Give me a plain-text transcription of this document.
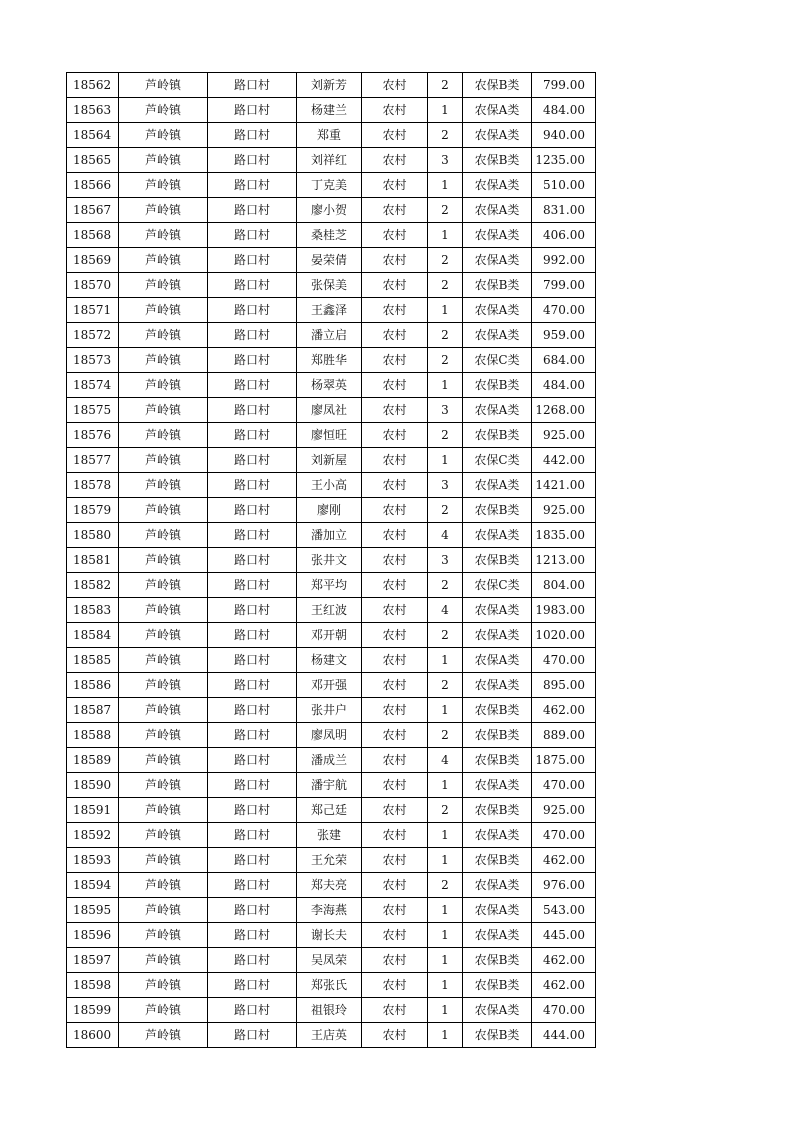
18562	芦岭镇	路口村	刘新芳	农村	2	农保B类	799.00
18563	芦岭镇	路口村	杨建兰	农村	1	农保A类	484.00
18564	芦岭镇	路口村	郑重	农村	2	农保A类	940.00
18565	芦岭镇	路口村	刘祥红	农村	3	农保B类	1235.00
18566	芦岭镇	路口村	丁克美	农村	1	农保A类	510.00
18567	芦岭镇	路口村	廖小贺	农村	2	农保A类	831.00
18568	芦岭镇	路口村	桑桂芝	农村	1	农保A类	406.00
18569	芦岭镇	路口村	晏荣倩	农村	2	农保A类	992.00
18570	芦岭镇	路口村	张保美	农村	2	农保B类	799.00
18571	芦岭镇	路口村	王鑫泽	农村	1	农保A类	470.00
18572	芦岭镇	路口村	潘立启	农村	2	农保A类	959.00
18573	芦岭镇	路口村	郑胜华	农村	2	农保C类	684.00
18574	芦岭镇	路口村	杨翠英	农村	1	农保B类	484.00
18575	芦岭镇	路口村	廖凤社	农村	3	农保A类	1268.00
18576	芦岭镇	路口村	廖恒旺	农村	2	农保B类	925.00
18577	芦岭镇	路口村	刘新屋	农村	1	农保C类	442.00
18578	芦岭镇	路口村	王小高	农村	3	农保A类	1421.00
18579	芦岭镇	路口村	廖刚	农村	2	农保B类	925.00
18580	芦岭镇	路口村	潘加立	农村	4	农保A类	1835.00
18581	芦岭镇	路口村	张井文	农村	3	农保B类	1213.00
18582	芦岭镇	路口村	郑平均	农村	2	农保C类	804.00
18583	芦岭镇	路口村	王红波	农村	4	农保A类	1983.00
18584	芦岭镇	路口村	邓开朝	农村	2	农保A类	1020.00
18585	芦岭镇	路口村	杨建文	农村	1	农保A类	470.00
18586	芦岭镇	路口村	邓开强	农村	2	农保A类	895.00
18587	芦岭镇	路口村	张井户	农村	1	农保B类	462.00
18588	芦岭镇	路口村	廖凤明	农村	2	农保B类	889.00
18589	芦岭镇	路口村	潘成兰	农村	4	农保B类	1875.00
18590	芦岭镇	路口村	潘宇航	农村	1	农保A类	470.00
18591	芦岭镇	路口村	郑己廷	农村	2	农保B类	925.00
18592	芦岭镇	路口村	张建	农村	1	农保A类	470.00
18593	芦岭镇	路口村	王允荣	农村	1	农保B类	462.00
18594	芦岭镇	路口村	郑夫亮	农村	2	农保A类	976.00
18595	芦岭镇	路口村	李海燕	农村	1	农保A类	543.00
18596	芦岭镇	路口村	谢长夫	农村	1	农保A类	445.00
18597	芦岭镇	路口村	吴凤荣	农村	1	农保B类	462.00
18598	芦岭镇	路口村	郑张氏	农村	1	农保B类	462.00
18599	芦岭镇	路口村	祖银玲	农村	1	农保A类	470.00
18600	芦岭镇	路口村	王店英	农村	1	农保B类	444.00
